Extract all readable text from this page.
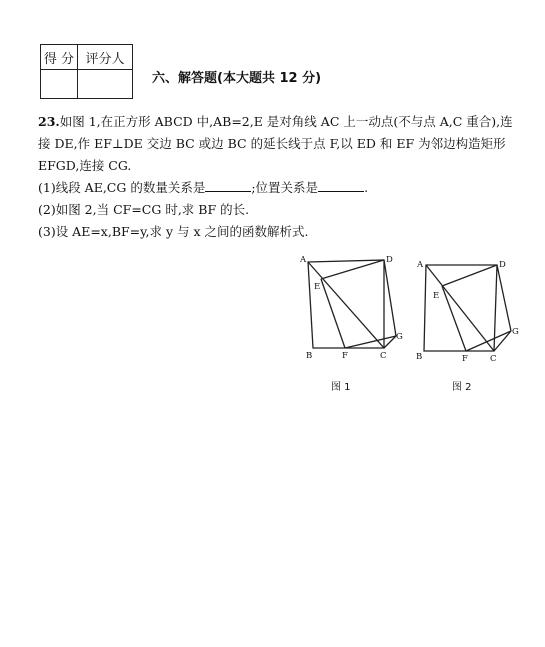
得 分	评分人

六、解答题(本大题共 12 分)
23.如图 1,在正方形 ABCD 中,AB=2,E 是对角线 AC 上一动点(不与点 A,C 重合),连
接 DE,作 EF⊥DE 交边 BC 或边 BC 的延长线于点 F,以 ED 和 EF 为邻边构造矩形
EFGD,连接 CG.
(1)线段 AE,CG 的数量关系是	;位置关系是	.
(2)如图 2,当 CF=CG 时,求 BF 的长.
(3)设 AE=x,BF=y,求 y 与 x 之间的函数解析式.
A	D
E
B	F	C
G
图 1
A	D
E
B	F	C
G
图 2
